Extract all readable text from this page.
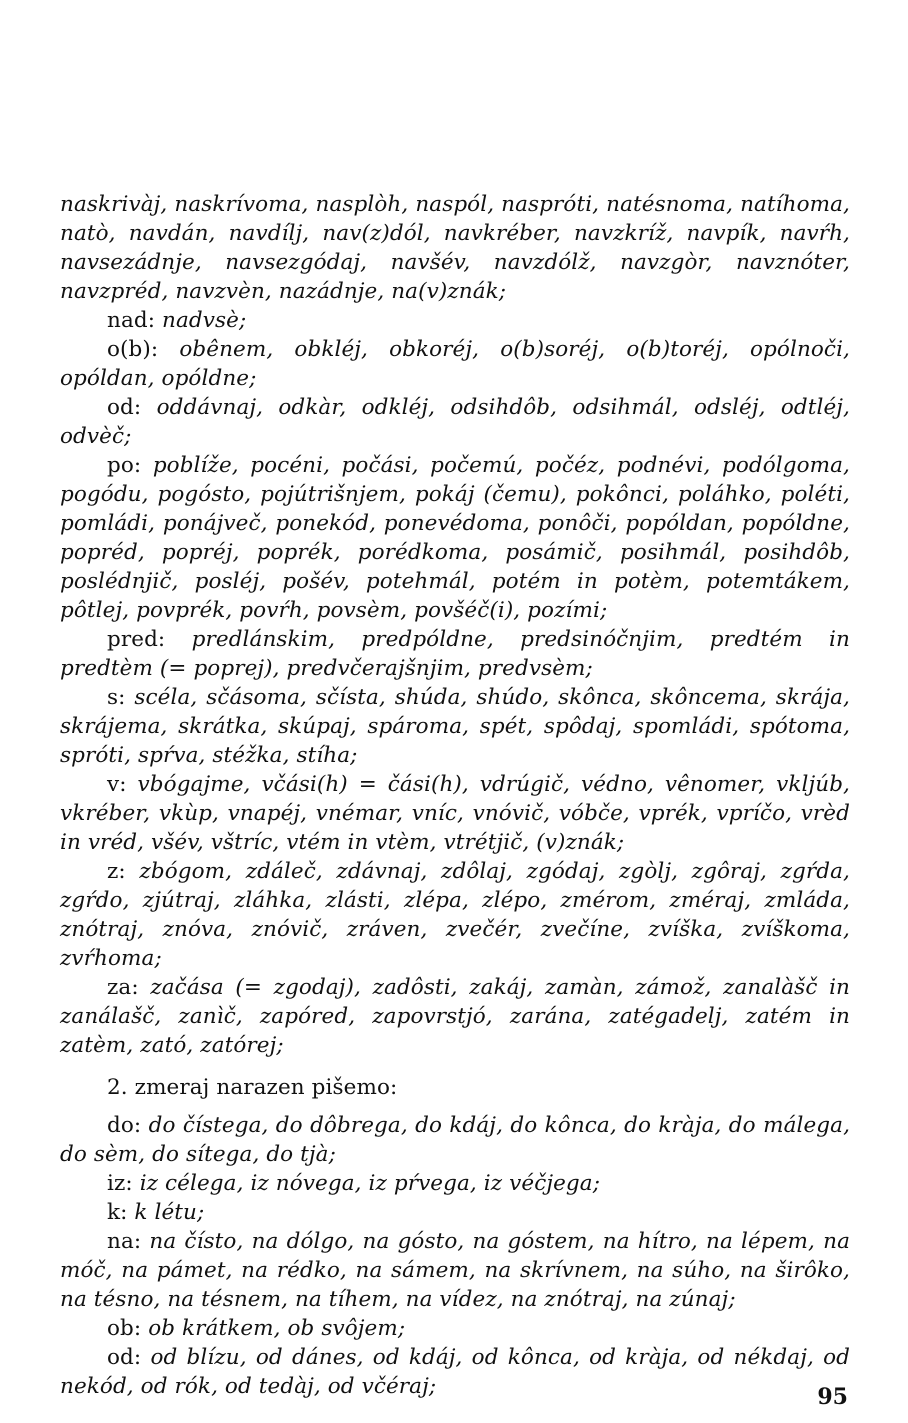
naskrivàj, naskrívoma, nasplòh, naspól, naspróti, natésnoma, natíhoma, natò, navdán, navdílj, nav(z)dól, navkréber, navzkríž, navpík, navŕh, navsezádnje, navsezgódaj, navšév, navzdólž, navzgòr, navznóter, navzpréd, navzvèn, nazádnje, na(v)znák;

nad: nadvsè;

o(b): obênem, obkléj, obkoréj, o(b)soréj, o(b)toréj, opólnoči, opóldan, opóldne;

od: oddávnaj, odkàr, odkléj, odsihdôb, odsihmál, odsléj, odtléj, odvèč;

po: poblíže, pocéni, počási, počemú, počéz, podnévi, podólgoma, pogódu, pogósto, pojútrišnjem, pokáj (čemu), pokônci, poláhko, poléti, pomládi, ponájveč, ponekód, ponevédoma, ponôči, popóldan, popóldne, popréd, popréj, poprék, porédkoma, posámič, posihmál, posihdôb, poslédnjič, posléj, pošév, potehmál, potém in potèm, potemtákem, pôtlej, povprék, povŕh, povsèm, povšéč(i), pozími;

pred: predlánskim, predpóldne, predsinóčnjim, predtém in predtèm (= poprej), predvčerajšnjim, predvsèm;

s: scéla, sčásoma, sčísta, shúda, shúdo, skônca, skôncema, skrája, skrájema, skrátka, skúpaj, spároma, spét, spôdaj, spomládi, spótoma, spróti, spŕva, stéžka, stíha;

v: vbógajme, včási(h) = čási(h), vdrúgič, védno, vênomer, vkljúb, vkréber, vkùp, vnapéj, vnémar, vníc, vnóvič, vóbče, vprék, vpríčo, vrèd in vréd, všév, vštríc, vtém in vtèm, vtrétjič, (v)znák;

z: zbógom, zdáleč, zdávnaj, zdôlaj, zgódaj, zgòlj, zgôraj, zgŕda, zgŕdo, zjútraj, zláhka, zlásti, zlépa, zlépo, zmérom, zméraj, zmláda, znótraj, znóva, znóvič, zráven, zvečér, zvečíne, zvíška, zvíškoma, zvŕhoma;

za: začása (= zgodaj), zadôsti, zakáj, zamàn, zámož, zanalàšč in zanálašč, zanìč, zapóred, zapovrstjó, zarána, zatégadelj, zatém in zatèm, zató, zatórej;

2. zmeraj narazen pišemo:

do: do čístega, do dôbrega, do kdáj, do kônca, do kràja, do málega, do sèm, do sítega, do tjà;

iz: iz célega, iz nóvega, iz pŕvega, iz véčjega;

k: k létu;

na: na čísto, na dólgo, na gósto, na góstem, na hítro, na lépem, na móč, na pámet, na rédko, na sámem, na skrívnem, na súho, na širôko, na tésno, na tésnem, na tíhem, na vídez, na znótraj, na zúnaj;

ob: ob krátkem, ob svôjem;

od: od blízu, od dánes, od kdáj, od kônca, od kràja, od nékdaj, od nekód, od rók, od tedàj, od včéraj;	95
